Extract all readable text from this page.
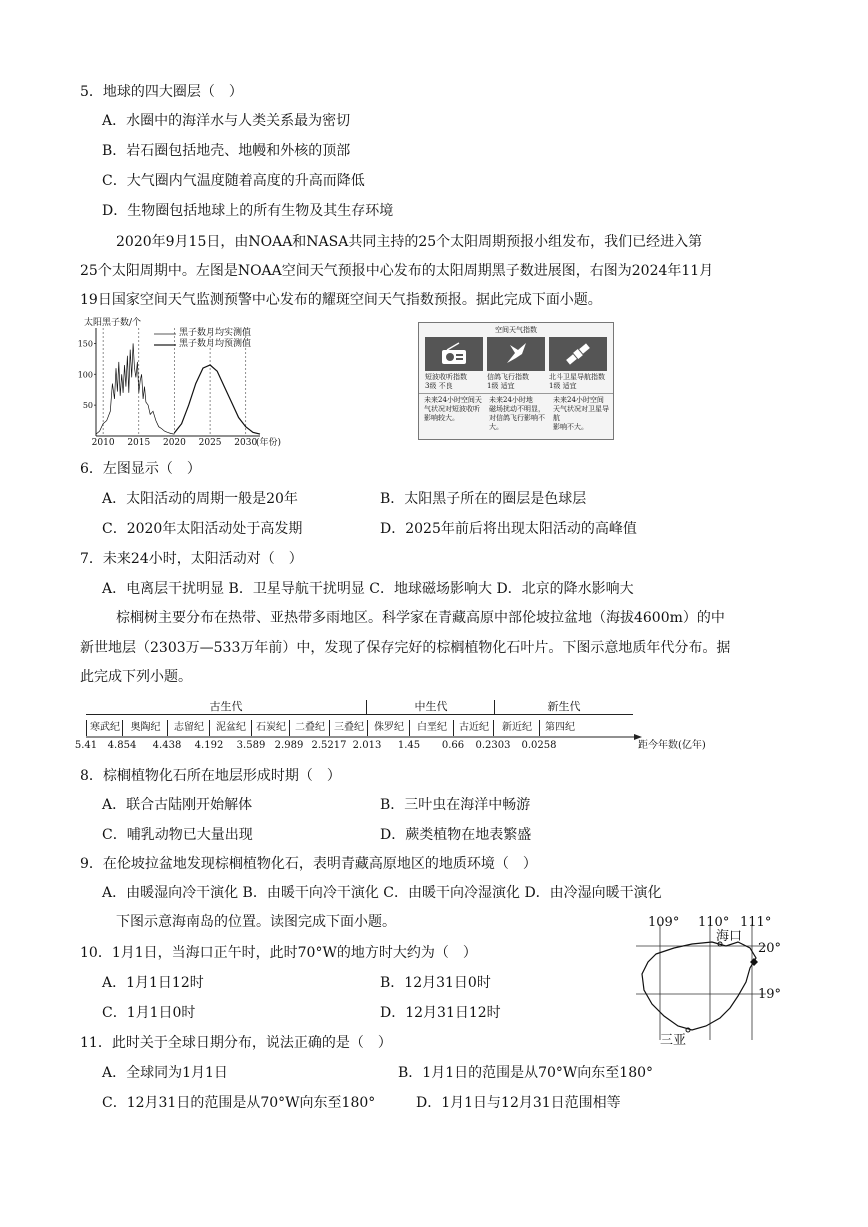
5．地球的四大圈层（　）
A．水圈中的海洋水与人类关系最为密切
B．岩石圈包括地壳、地幔和外核的顶部
C．大气圈内气温度随着高度的升高而降低
D．生物圈包括地球上的所有生物及其生存环境
2020年9月15日，由NOAA和NASA共同主持的25个太阳周期预报小组发布，我们已经进入第
25个太阳周期中。左图是NOAA空间天气预报中心发布的太阳周期黑子数进展图，右图为2024年11月
19日国家空间天气监测预警中心发布的耀斑空间天气指数预报。据此完成下面小题。
太阳黑子数/个
2010 2015 2020 2025 2030
50
100
150
(年份)
黑子数月均实测值
黑子数月均预测值
空间天气指数
短波收听指数
3级 不良
信鸽飞行指数
1级 适宜
北斗卫星导航指数
1级 适宜
未来24小时空间天
气状况对短波收听
影响较大。
未来24小时地
磁场扰动不明显，
对信鸽飞行影响不大。
未来24小时空间
天气状况对卫星导航
影响不大。
6．左图显示（　）
A．太阳活动的周期一般是20年	B．太阳黑子所在的圈层是色球层
C．2020年太阳活动处于高发期	D．2025年前后将出现太阳活动的高峰值
7．未来24小时，太阳活动对（　）
A．电离层干扰明显 B．卫星导航干扰明显 C．地球磁场影响大 D．北京的降水影响大
棕榈树主要分布在热带、亚热带多雨地区。科学家在青藏高原中部伦坡拉盆地（海拔4600m）的中
新世地层（2303万—533万年前）中，发现了保存完好的棕榈植物化石叶片。下图示意地质年代分布。据
此完成下列小题。
古生代	中生代	新生代
寒武纪	奥陶纪	志留纪	泥盆纪	石炭纪 二叠纪 三叠纪	侏罗纪	白垩纪	古近纪	新近纪	第四纪
5.41 4.854 4.438 4.192 3.589 2.989 2.5217 2.013 1.45 0.66 0.2303 0.0258	距今年数(亿年)
8．棕榈植物化石所在地层形成时期（　）
A．联合古陆刚开始解体	B．三叶虫在海洋中畅游
C．哺乳动物已大量出现	D．蕨类植物在地表繁盛
9．在伦坡拉盆地发现棕榈植物化石，表明青藏高原地区的地质环境（　）
A．由暖湿向冷干演化 B．由暖干向冷干演化 C．由暖干向冷湿演化 D．由冷湿向暖干演化
下图示意海南岛的位置。读图完成下面小题。	109° 110° 111°
海口
20°
19°
三亚
10．1月1日，当海口正午时，此时70°W的地方时大约为（　）
A．1月1日12时	B．12月31日0时
C．1月1日0时	D．12月31日12时
11．此时关于全球日期分布，说法正确的是（　）
A．全球同为1月1日	B．1月1日的范围是从70°W向东至180°
C．12月31日的范围是从70°W向东至180°	D．1月1日与12月31日范围相等
